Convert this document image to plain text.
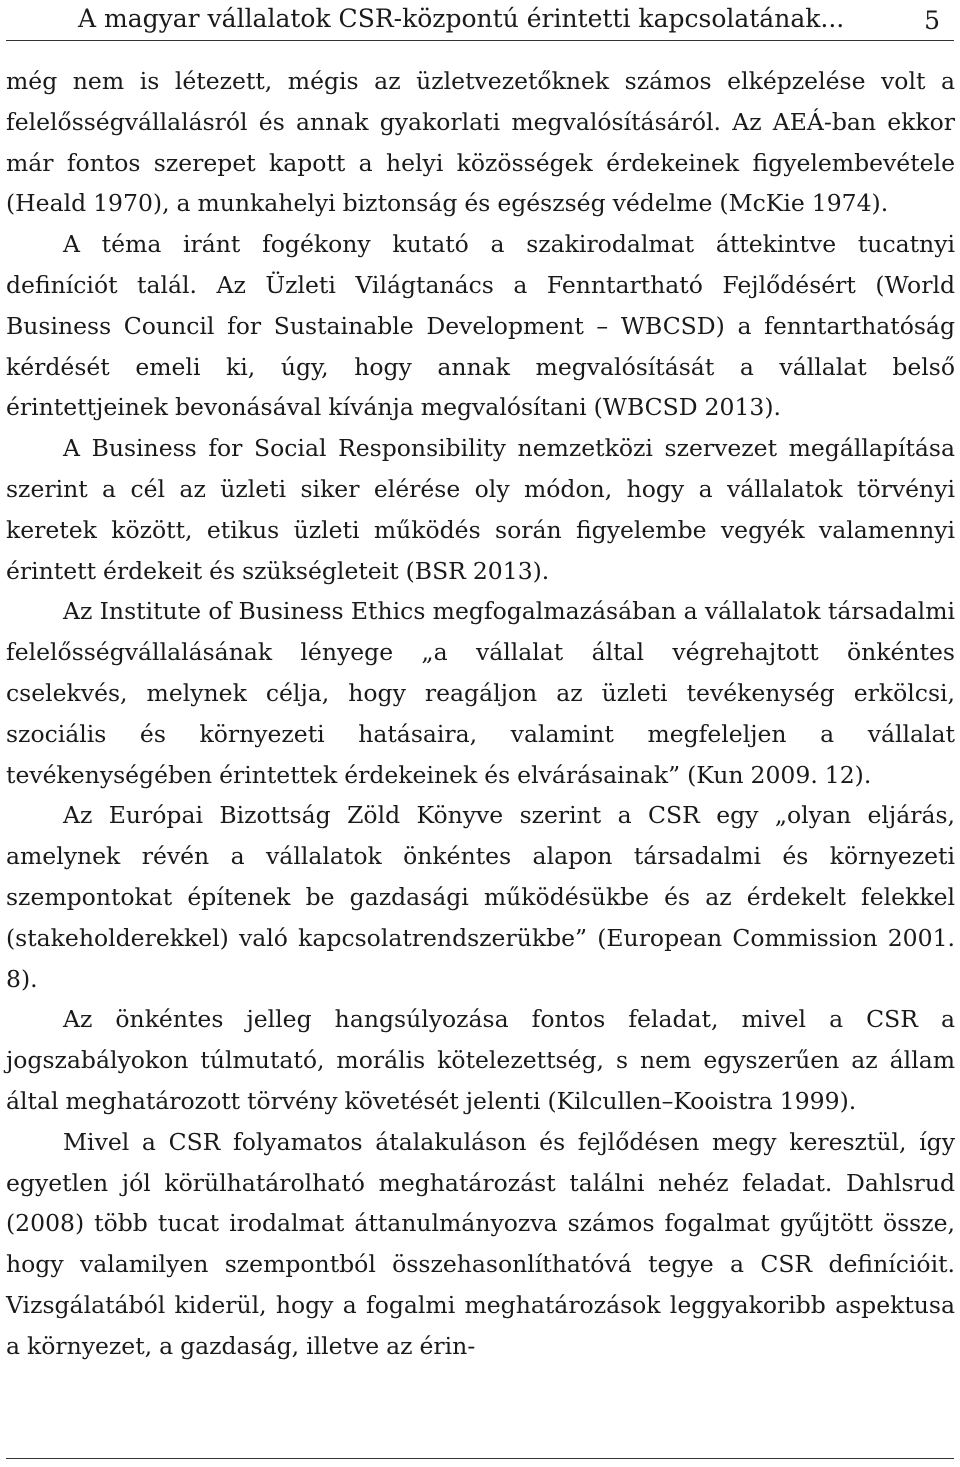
A magyar vállalatok CSR-központú érintetti kapcsolatának...	5

még nem is létezett, mégis az üzletvezetőknek számos elképzelése volt a felelősségvállalásról és annak gyakorlati megvalósításáról. Az AEÁ-ban ekkor már fontos szerepet kapott a helyi közösségek érdekeinek figyelembevétele (Heald 1970), a munkahelyi biztonság és egészség védelme (McKie 1974).

A téma iránt fogékony kutató a szakirodalmat áttekintve tucatnyi definíciót talál. Az Üzleti Világtanács a Fenntartható Fejlődésért (World Business Council for Sustainable Development – WBCSD) a fenntarthatóság kérdését emeli ki, úgy, hogy annak megvalósítását a vállalat belső érintettjeinek bevonásával kívánja megvalósítani (WBCSD 2013).

A Business for Social Responsibility nemzetközi szervezet megállapítása szerint a cél az üzleti siker elérése oly módon, hogy a vállalatok törvényi keretek között, etikus üzleti működés során figyelembe vegyék valamennyi érintett érdekeit és szükségleteit (BSR 2013).

Az Institute of Business Ethics megfogalmazásában a vállalatok társadalmi felelősségvállalásának lényege „a vállalat által végrehajtott önkéntes cselekvés, melynek célja, hogy reagáljon az üzleti tevékenység erkölcsi, szociális és környezeti hatásaira, valamint megfeleljen a vállalat tevékenységében érintettek érdekeinek és elvárásainak” (Kun 2009. 12).

Az Európai Bizottság Zöld Könyve szerint a CSR egy „olyan eljárás, amelynek révén a vállalatok önkéntes alapon társadalmi és környezeti szempontokat építenek be gazdasági működésükbe és az érdekelt felekkel (stakeholderekkel) való kapcsolatrendszerükbe” (European Commission 2001. 8).

Az önkéntes jelleg hangsúlyozása fontos feladat, mivel a CSR a jogszabályokon túlmutató, morális kötelezettség, s nem egyszerűen az állam által meghatározott törvény követését jelenti (Kilcullen–Kooistra 1999).

Mivel a CSR folyamatos átalakuláson és fejlődésen megy keresztül, így egyetlen jól körülhatárolható meghatározást találni nehéz feladat. Dahlsrud (2008) több tucat irodalmat áttanulmányozva számos fogalmat gyűjtött össze, hogy valamilyen szempontból összehasonlíthatóvá tegye a CSR definícióit. Vizsgálatából kiderül, hogy a fogalmi meghatározások leggyakoribb aspektusa a környezet, a gazdaság, illetve az érin-
